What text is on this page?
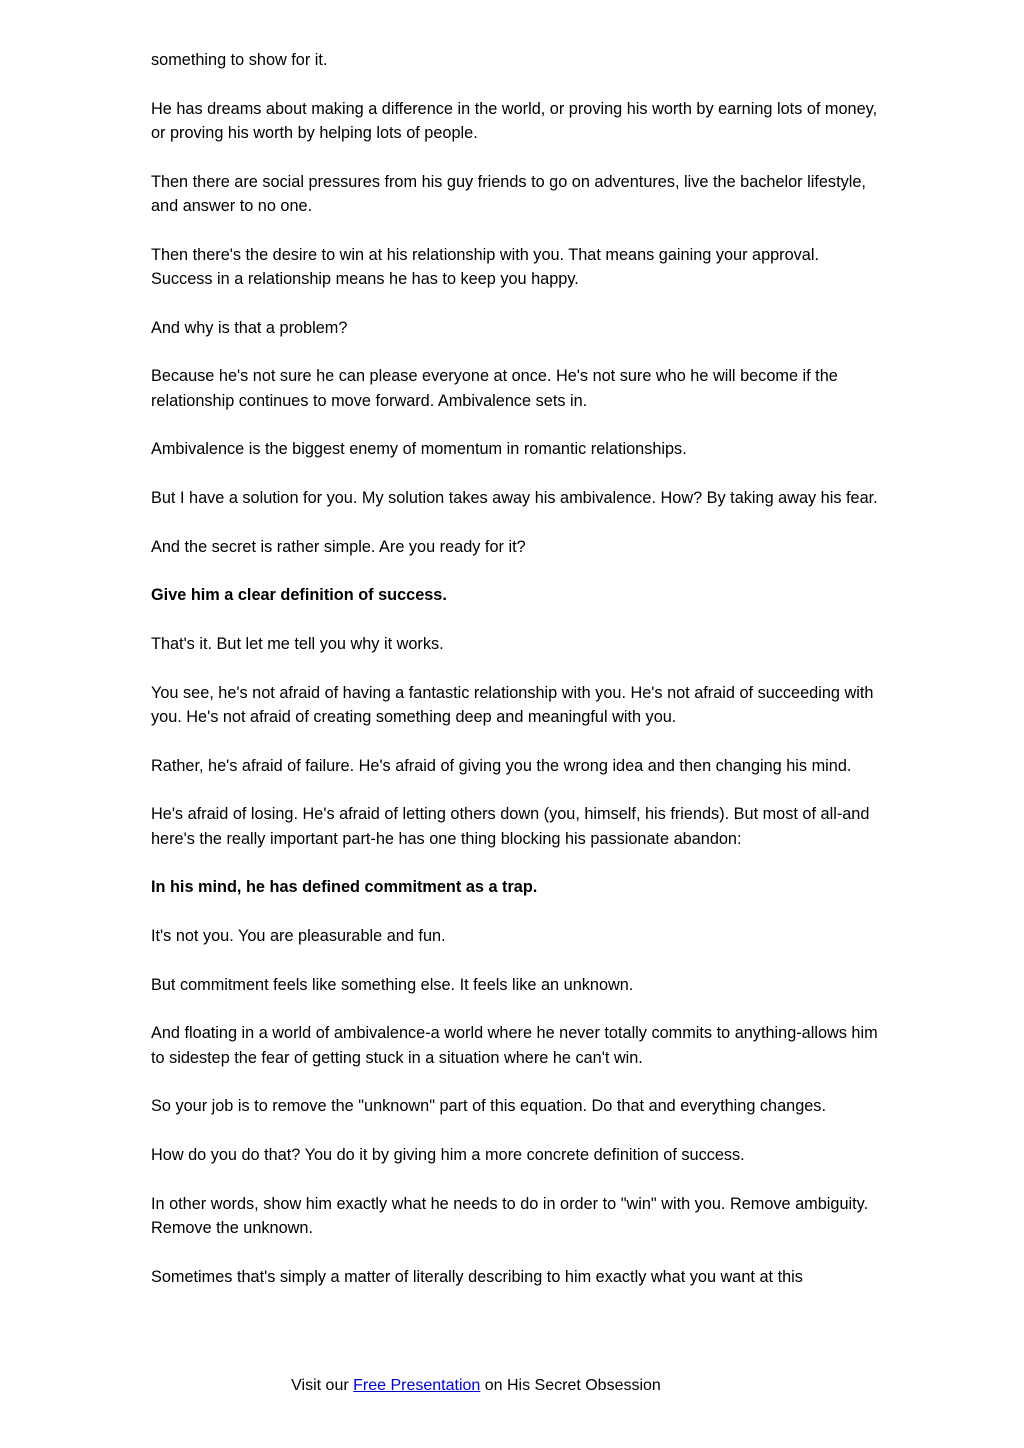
something to show for it.

He has dreams about making a difference in the world, or proving his worth by earning lots of money, or proving his worth by helping lots of people.

Then there are social pressures from his guy friends to go on adventures, live the bachelor lifestyle, and answer to no one.

Then there's the desire to win at his relationship with you. That means gaining your approval. Success in a relationship means he has to keep you happy.

And why is that a problem?

Because he's not sure he can please everyone at once. He's not sure who he will become if the relationship continues to move forward. Ambivalence sets in.

Ambivalence is the biggest enemy of momentum in romantic relationships.

But I have a solution for you. My solution takes away his ambivalence. How? By taking away his fear.

And the secret is rather simple. Are you ready for it?

Give him a clear definition of success.

That's it. But let me tell you why it works.

You see, he's not afraid of having a fantastic relationship with you. He's not afraid of succeeding with you. He's not afraid of creating something deep and meaningful with you.

Rather, he's afraid of failure. He's afraid of giving you the wrong idea and then changing his mind.

He's afraid of losing. He's afraid of letting others down (you, himself, his friends). But most of all-and here's the really important part-he has one thing blocking his passionate abandon:

In his mind, he has defined commitment as a trap.

It's not you. You are pleasurable and fun.

But commitment feels like something else. It feels like an unknown.

And floating in a world of ambivalence-a world where he never totally commits to anything-allows him to sidestep the fear of getting stuck in a situation where he can't win.

So your job is to remove the "unknown" part of this equation. Do that and everything changes.

How do you do that? You do it by giving him a more concrete definition of success.

In other words, show him exactly what he needs to do in order to "win" with you. Remove ambiguity. Remove the unknown.

Sometimes that's simply a matter of literally describing to him exactly what you want at this

Visit our Free Presentation on His Secret Obsession
